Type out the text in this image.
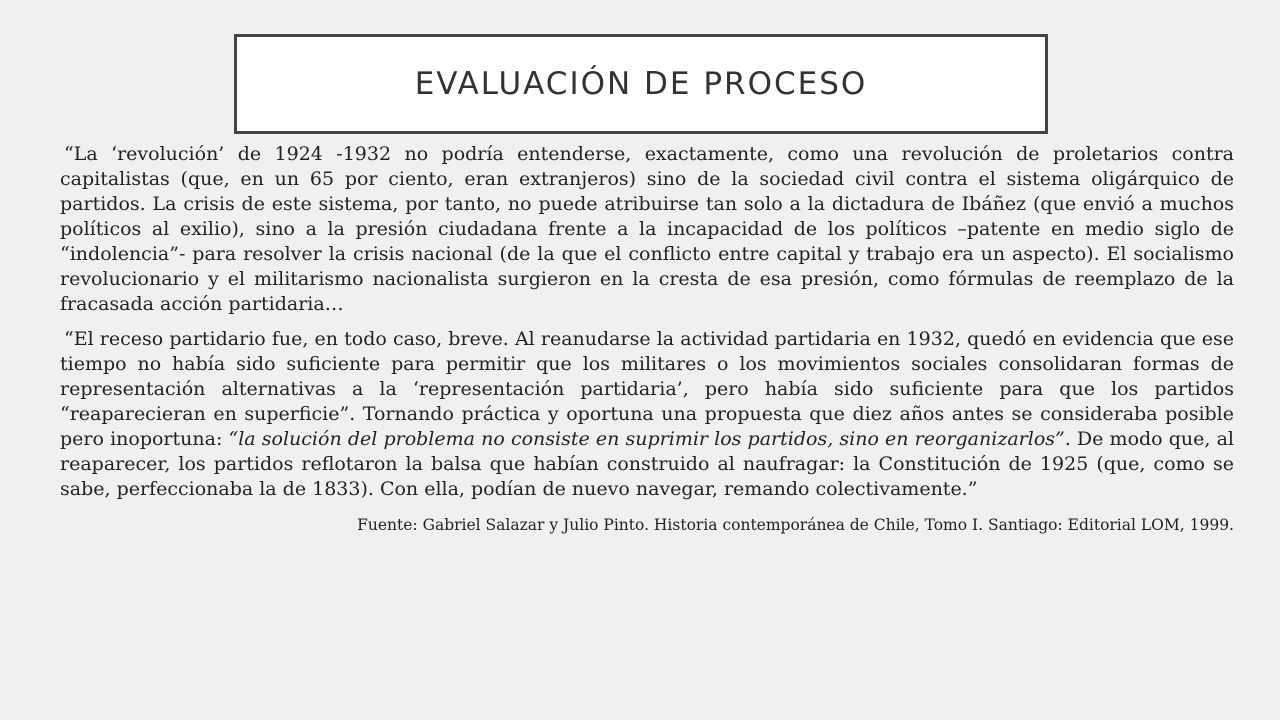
EVALUACIÓN DE PROCESO

“La ‘revolución’ de 1924 -1932 no podría entenderse, exactamente, como una revolución de proletarios contra capitalistas (que, en un 65 por ciento, eran extranjeros) sino de la sociedad civil contra el sistema oligárquico de partidos. La crisis de este sistema, por tanto, no puede atribuirse tan solo a la dictadura de Ibáñez (que envió a muchos políticos al exilio), sino a la presión ciudadana frente a la incapacidad de los políticos –patente en medio siglo de “indolencia”- para resolver la crisis nacional (de la que el conflicto entre capital y trabajo era un aspecto). El socialismo revolucionario y el militarismo nacionalista surgieron en la cresta de esa presión, como fórmulas de reemplazo de la fracasada acción partidaria…

“El receso partidario fue, en todo caso, breve. Al reanudarse la actividad partidaria en 1932, quedó en evidencia que ese tiempo no había sido suficiente para permitir que los militares o los movimientos sociales consolidaran formas de representación alternativas a la ‘representación partidaria’, pero había sido suficiente para que los partidos “reaparecieran en superficie”. Tornando práctica y oportuna una propuesta que diez años antes se consideraba posible pero inoportuna: “la solución del problema no consiste en suprimir los partidos, sino en reorganizarlos”. De modo que, al reaparecer, los partidos reflotaron la balsa que habían construido al naufragar: la Constitución de 1925 (que, como se sabe, perfeccionaba la de 1833). Con ella, podían de nuevo navegar, remando colectivamente.”

Fuente: Gabriel Salazar y Julio Pinto. Historia contemporánea de Chile, Tomo I. Santiago: Editorial LOM, 1999.
